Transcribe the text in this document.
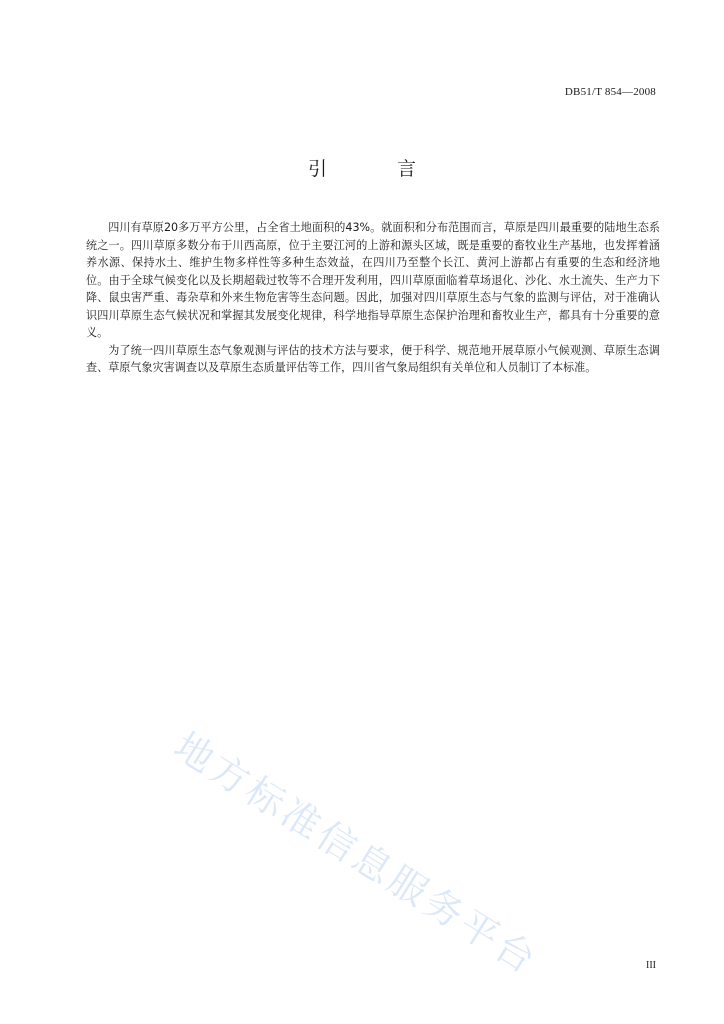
DB51/T 854—2008
引 言

四川有草原20多万平方公里，占全省土地面积的43%。就面积和分布范围而言，草原是四川最重要的陆地生态系统之一。四川草原多数分布于川西高原，位于主要江河的上游和源头区域，既是重要的畜牧业生产基地，也发挥着涵养水源、保持水土、维护生物多样性等多种生态效益，在四川乃至整个长江、黄河上游都占有重要的生态和经济地位。由于全球气候变化以及长期超载过牧等不合理开发利用，四川草原面临着草场退化、沙化、水土流失、生产力下降、鼠虫害严重、毒杂草和外来生物危害等生态问题。因此，加强对四川草原生态与气象的监测与评估，对于准确认识四川草原生态气候状况和掌握其发展变化规律，科学地指导草原生态保护治理和畜牧业生产，都具有十分重要的意义。

为了统一四川草原生态气象观测与评估的技术方法与要求，便于科学、规范地开展草原小气候观测、草原生态调查、草原气象灾害调查以及草原生态质量评估等工作，四川省气象局组织有关单位和人员制订了本标准。

地方标准信息服务平台	III
